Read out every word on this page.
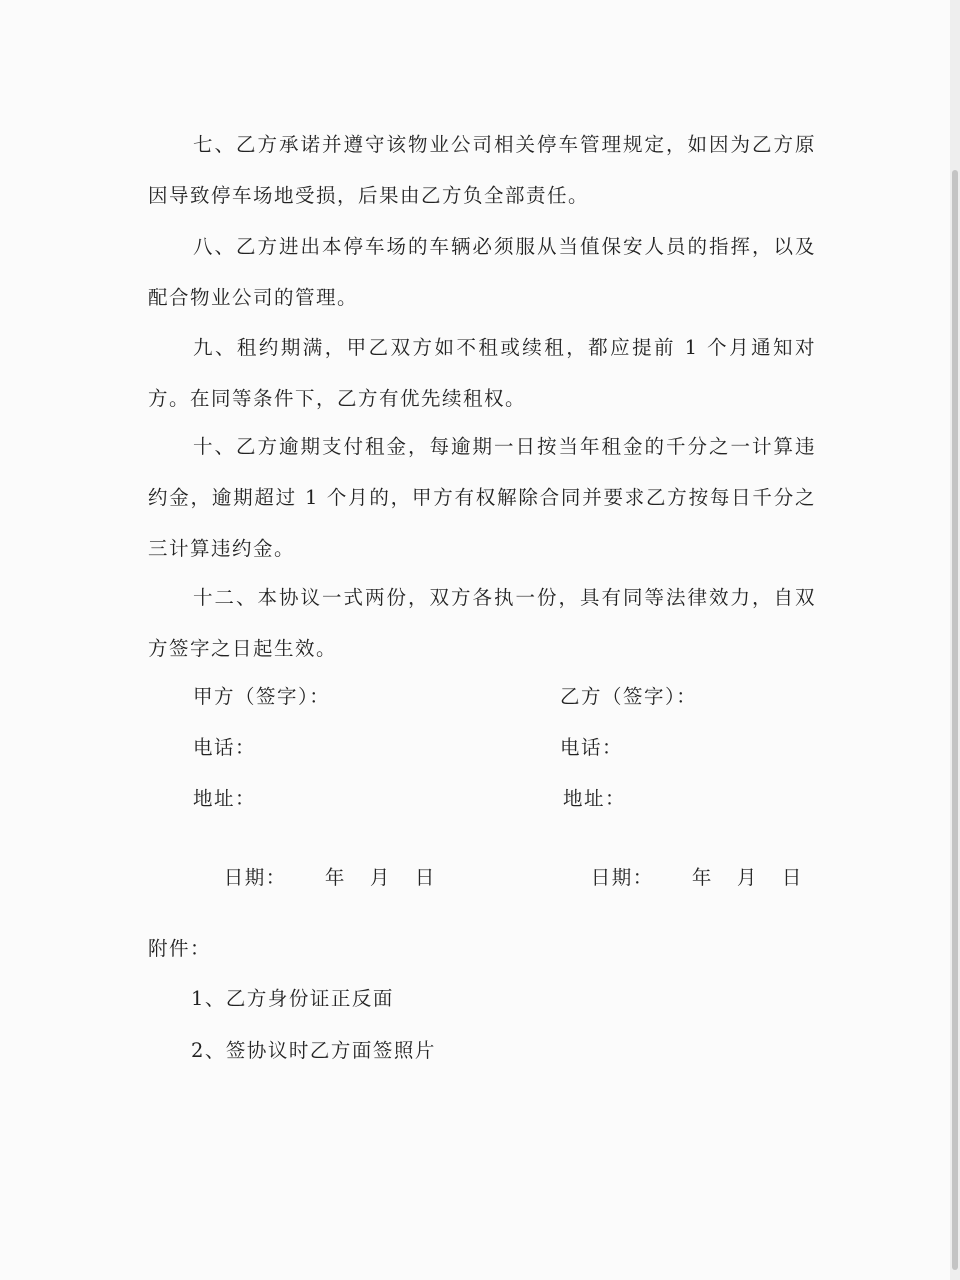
七、乙方承诺并遵守该物业公司相关停车管理规定，如因为乙方原因导致停车场地受损，后果由乙方负全部责任。

八、乙方进出本停车场的车辆必须服从当值保安人员的指挥，以及配合物业公司的管理。

九、租约期满，甲乙双方如不租或续租，都应提前 1 个月通知对方。在同等条件下，乙方有优先续租权。

十、乙方逾期支付租金，每逾期一日按当年租金的千分之一计算违约金，逾期超过 1 个月的，甲方有权解除合同并要求乙方按每日千分之三计算违约金。

十二、本协议一式两份，双方各执一份，具有同等法律效力，自双方签字之日起生效。

甲方（签字）：
电话：
地址：

日期： 年 月 日

乙方（签字）：
电话：
地址：

日期： 年 月 日

附件：
1、乙方身份证正反面
2、签协议时乙方面签照片
